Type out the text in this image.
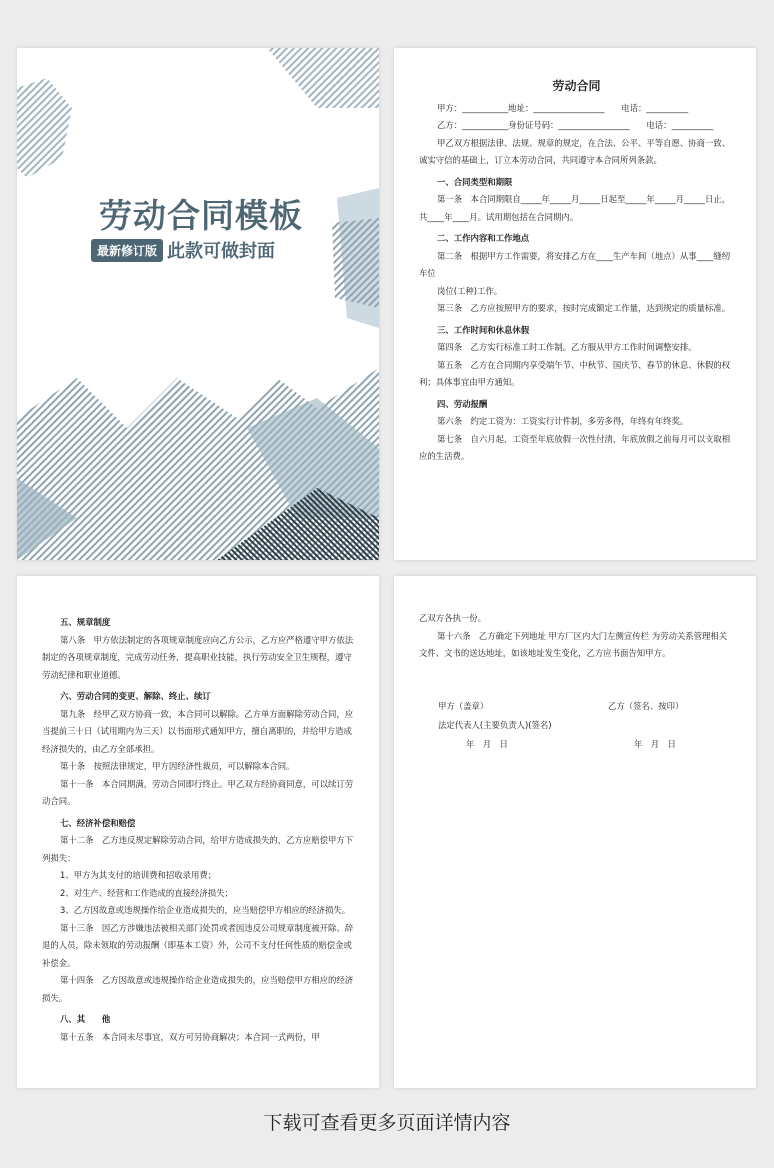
劳动合同模板
最新修订版 此款可做封面

劳动合同

甲方：___________地址：_________________　　电话：__________

乙方：___________身份证号码：_________________　　电话：__________

甲乙双方根据法律、法规、规章的规定，在合法、公平、平等自愿、协商一致、诚实守信的基础上，订立本劳动合同，共同遵守本合同所列条款。

一、合同类型和期限

第一条　本合同期限自_____年_____月_____日起至_____年_____月_____日止，共____年____月。试用期包括在合同期内。

二、工作内容和工作地点

第二条　根据甲方工作需要，将安排乙方在____生产车间（地点）从事____缝纫车位

岗位(工种)工作。

第三条　乙方应按照甲方的要求，按时完成额定工作量，达到规定的质量标准。

三、工作时间和休息休假

第四条　乙方实行标准工时工作制。乙方服从甲方工作时间调整安排。

第五条　乙方在合同期内享受端午节、中秋节、国庆节、春节的休息、休假的权利；具体事宜由甲方通知。

四、劳动报酬

第六条　约定工资为：工资实行计件制，多劳多得，年终有年终奖。

第七条　自六月起，工资至年底放假一次性付清，年底放假之前每月可以支取相应的生活费。

五、规章制度

第八条　甲方依法制定的各项规章制度应向乙方公示，乙方应严格遵守甲方依法制定的各项规章制度，完成劳动任务，提高职业技能，执行劳动安全卫生规程，遵守劳动纪律和职业道德。

六、劳动合同的变更、解除、终止、续订

第九条　经甲乙双方协商一致，本合同可以解除。乙方单方面解除劳动合同，应当提前三十日（试用期内为三天）以书面形式通知甲方，擅自离职的，并给甲方造成经济损失的，由乙方全部承担。

第十条　按照法律规定，甲方因经济性裁员，可以解除本合同。

第十一条　本合同期满，劳动合同即行终止。甲乙双方经协商同意，可以续订劳动合同。

七、经济补偿和赔偿

第十二条　乙方违反规定解除劳动合同，给甲方造成损失的，乙方应赔偿甲方下列损失：

1、甲方为其支付的培训费和招收录用费；

2、对生产、经营和工作造成的直接经济损失；

3、乙方因故意或违规操作给企业造成损失的，应当赔偿甲方相应的经济损失。

第十三条　因乙方涉嫌违法被相关部门处罚或者因违反公司规章制度被开除、辞退的人员，除未领取的劳动报酬（即基本工资）外，公司不支付任何性质的赔偿金或补偿金。

第十四条　乙方因故意或违规操作给企业造成损失的，应当赔偿甲方相应的经济损失。

八、其　　他

第十五条　本合同未尽事宜，双方可另协商解决；本合同一式两份，甲

乙双方各执一份。

第十六条　乙方确定下列地址 甲方厂区内大门左侧宣传栏 为劳动关系管理相关文件、文书的送达地址，如该地址发生变化，乙方应书面告知甲方。

甲方（盖章）	乙方（签名、按印）
法定代表人(主要负责人)(签名)
年　月　日	年　月　日
下载可查看更多页面详情内容
